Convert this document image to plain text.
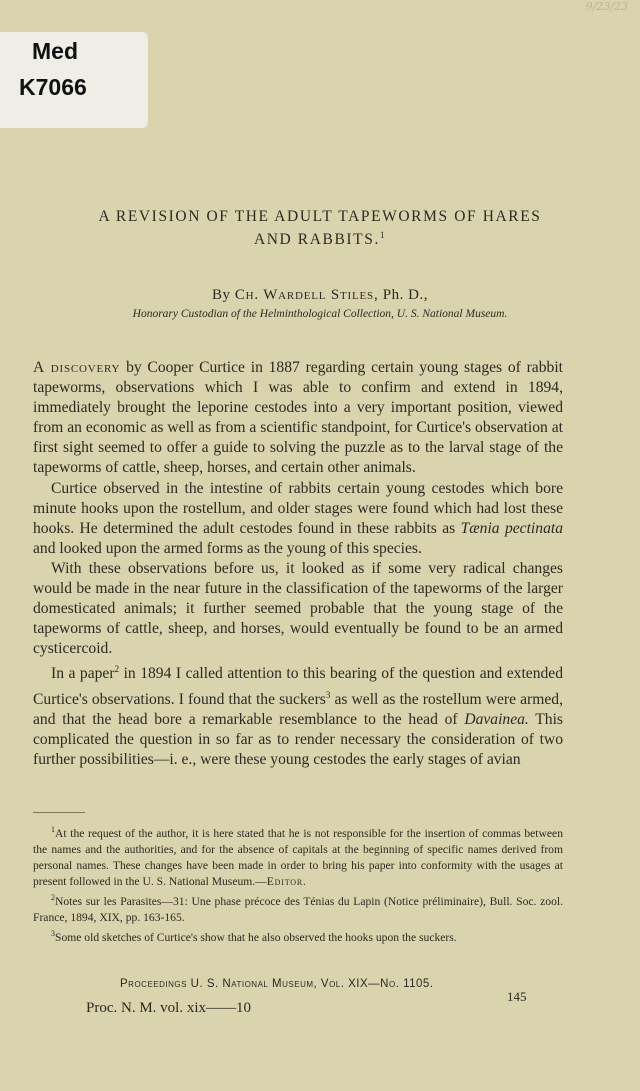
Med
K7066
9/23/23
A REVISION OF THE ADULT TAPEWORMS OF HARES
AND RABBITS.$^1$
By Ch. Wardell Stiles, Ph. D.,
Honorary Custodian of the Helminthological Collection, U. S. National Museum.

A discovery by Cooper Curtice in 1887 regarding certain young stages of rabbit tapeworms, observations which I was able to confirm and extend in 1894, immediately brought the leporine cestodes into a very important position, viewed from an economic as well as from a scientific standpoint, for Curtice's observation at first sight seemed to offer a guide to solving the puzzle as to the larval stage of the tapeworms of cattle, sheep, horses, and certain other animals.

Curtice observed in the intestine of rabbits certain young cestodes which bore minute hooks upon the rostellum, and older stages were found which had lost these hooks. He determined the adult cestodes found in these rabbits as Tænia pectinata and looked upon the armed forms as the young of this species.

With these observations before us, it looked as if some very radical changes would be made in the near future in the classification of the tapeworms of the larger domesticated animals; it further seemed probable that the young stage of the tapeworms of cattle, sheep, and horses, would eventually be found to be an armed cysticercoid.

In a paper$^2$ in 1894 I called attention to this bearing of the question and extended Curtice's observations. I found that the suckers$^3$ as well as the rostellum were armed, and that the head bore a remarkable resemblance to the head of Davainea. This complicated the question in so far as to render necessary the consideration of two further possibilities—i. e., were these young cestodes the early stages of avian

$^1$At the request of the author, it is here stated that he is not responsible for the insertion of commas between the names and the authorities, and for the absence of capitals at the beginning of specific names derived from personal names. These changes have been made in order to bring his paper into conformity with the usages at present followed in the U. S. National Museum.—Editor.

$^2$Notes sur les Parasites—31: Une phase précoce des Ténias du Lapin (Notice préliminaire), Bull. Soc. zool. France, 1894, XIX, pp. 163-165.

$^3$Some old sketches of Curtice's show that he also observed the hooks upon the suckers.

Proceedings U. S. National Museum, Vol. XIX—No. 1105.
145
Proc. N. M. vol. xix——10
